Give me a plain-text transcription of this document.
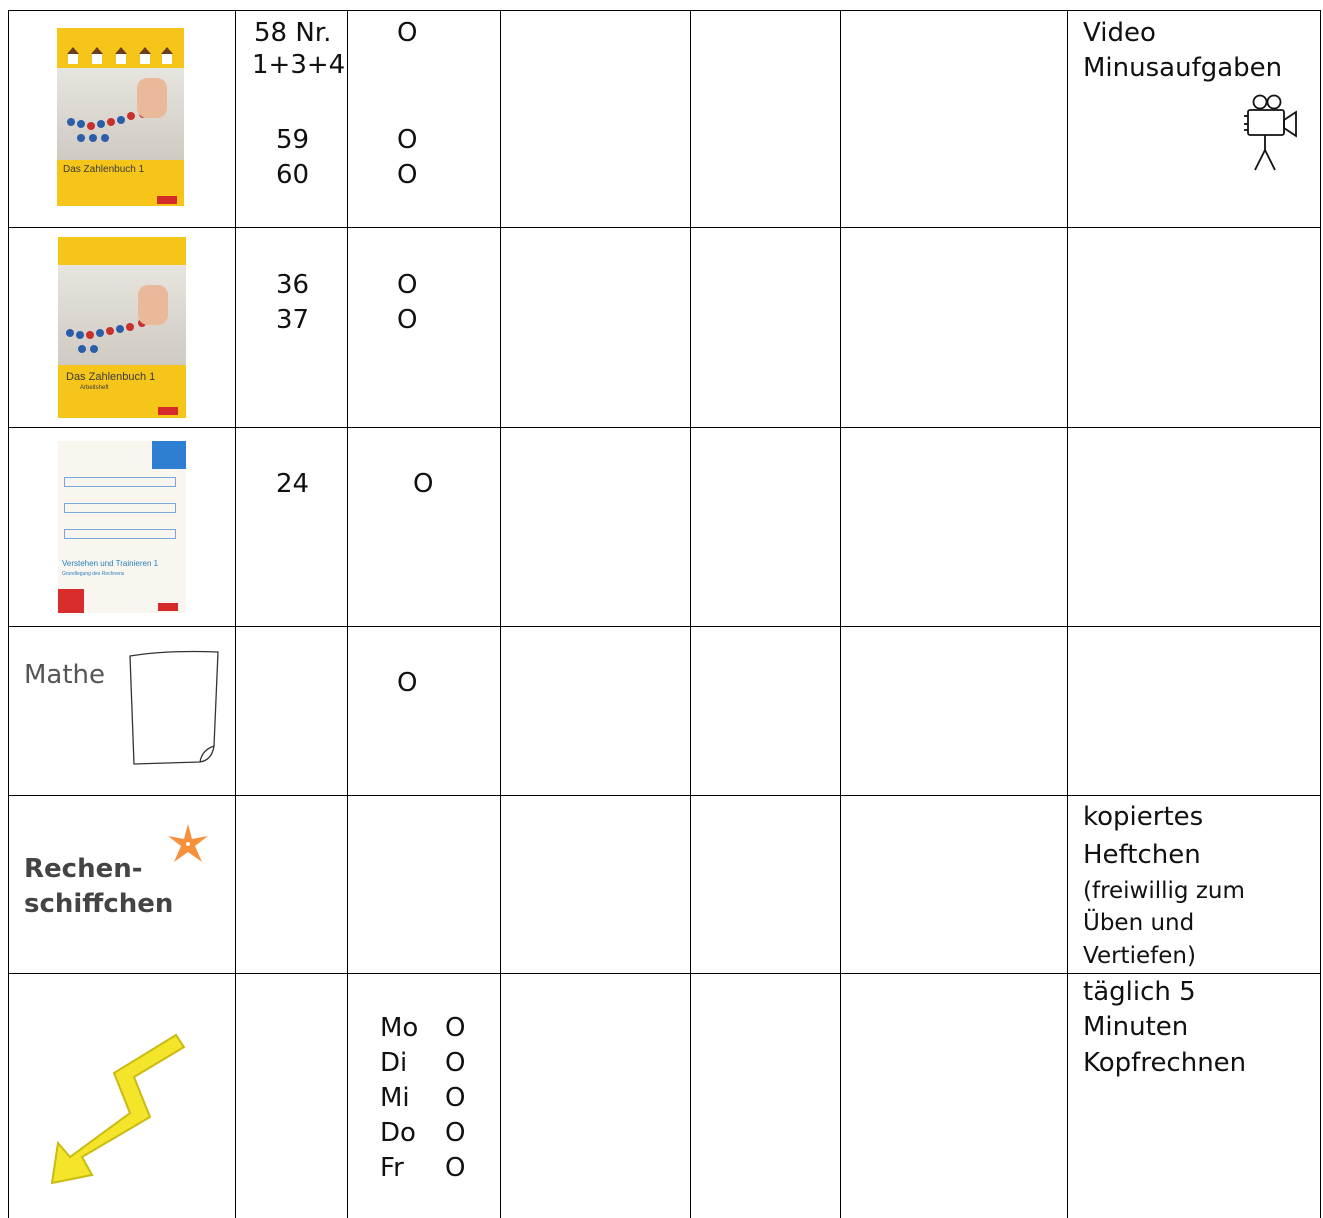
Das Zahlenbuch 1
58 Nr.
1+3+4
59
60
O
O
O
Video
Minusaufgaben
Das Zahlenbuch 1
Arbeitsheft
36
37
O
O
Verstehen und Trainieren 1
Grundlegung des Rechnens
24	O
Mathe	O
Rechen-
schiffchen
kopiertes
Heftchen
(freiwillig zum
Üben und
Vertiefen)
Mo
Di
Mi
Do
Fr
O
O
O
O
O
täglich 5
Minuten
Kopfrechnen
